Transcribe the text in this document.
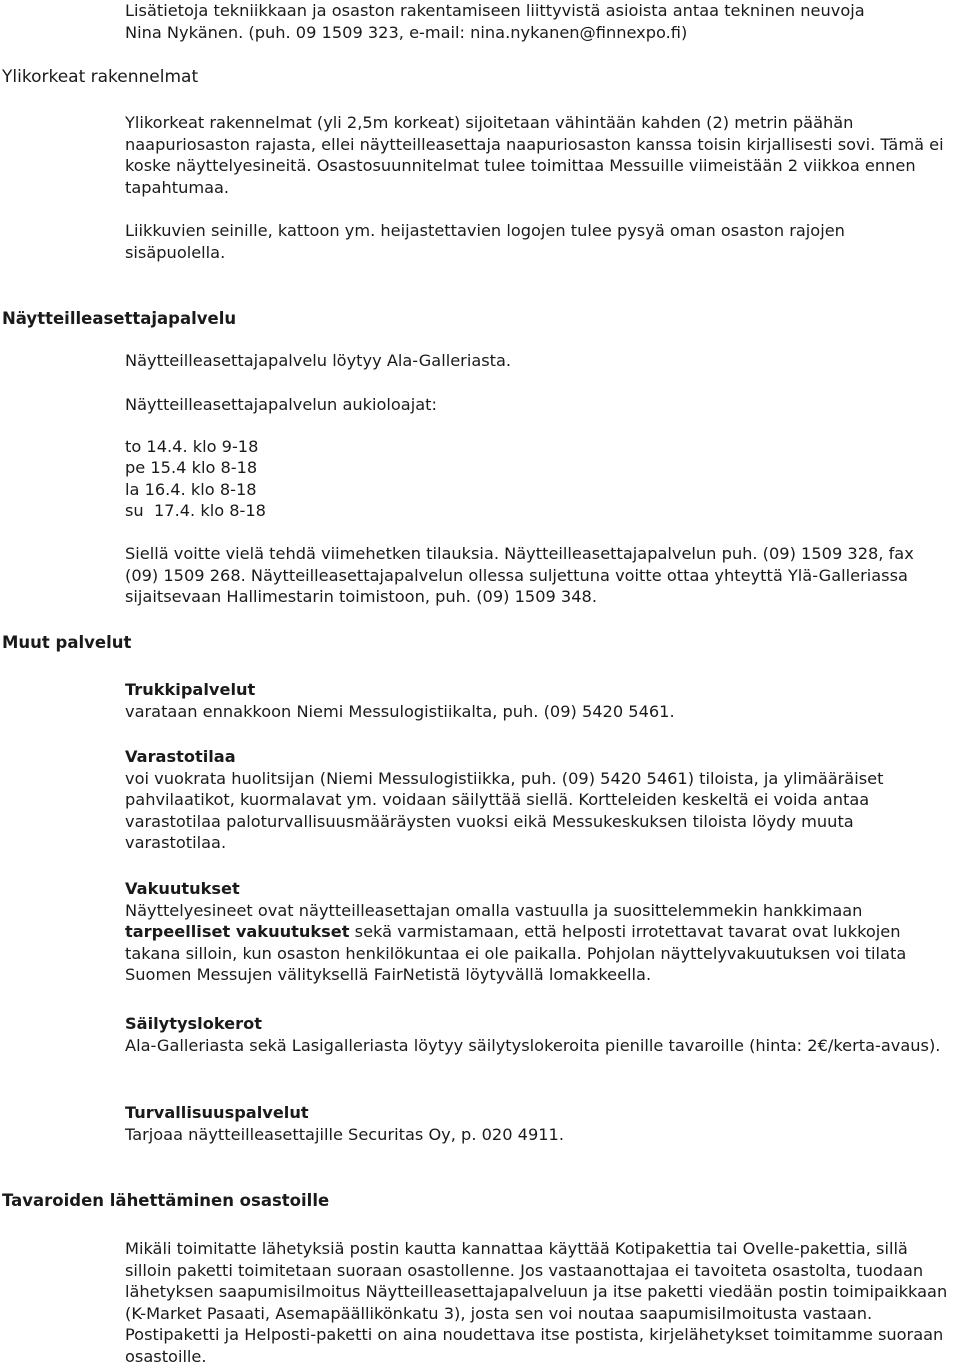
Lisätietoja tekniikkaan ja osaston rakentamiseen liittyvistä asioista antaa tekninen neuvoja
Nina Nykänen. (puh. 09 1509 323, e-mail: nina.nykanen@finnexpo.fi)

Ylikorkeat rakennelmat

Ylikorkeat rakennelmat (yli 2,5m korkeat) sijoitetaan vähintään kahden (2) metrin päähän naapuriosaston rajasta, ellei näytteilleasettaja naapuriosaston kanssa toisin kirjallisesti sovi. Tämä ei koske näyttelyesineitä. Osastosuunnitelmat tulee toimittaa Messuille viimeistään 2 viikkoa ennen tapahtumaa.

Liikkuvien seinille, kattoon ym. heijastettavien logojen tulee pysyä oman osaston rajojen sisäpuolella.

Näytteilleasettajapalvelu

Näytteilleasettajapalvelu löytyy Ala-Galleriasta.

Näytteilleasettajapalvelun aukioloajat:

to 14.4. klo 9-18
pe 15.4 klo 8-18
la 16.4. klo 8-18
su  17.4. klo 8-18

Siellä voitte vielä tehdä viimehetken tilauksia. Näytteilleasettajapalvelun puh. (09) 1509 328, fax (09) 1509 268. Näytteilleasettajapalvelun ollessa suljettuna voitte ottaa yhteyttä Ylä-Galleriassa sijaitsevaan Hallimestarin toimistoon, puh. (09) 1509 348.

Muut palvelut

Trukkipalvelut
varataan ennakkoon Niemi Messulogistiikalta, puh. (09) 5420 5461.

Varastotilaa
voi vuokrata huolitsijan (Niemi Messulogistiikka, puh. (09) 5420 5461) tiloista, ja ylimääräiset pahvilaatikot, kuormalavat ym. voidaan säilyttää siellä. Kortteleiden keskeltä ei voida antaa varastotilaa paloturvallisuusmääräysten vuoksi eikä Messukeskuksen tiloista löydy muuta varastotilaa.

Vakuutukset
Näyttelyesineet ovat näytteilleasettajan omalla vastuulla ja suosittelemmekin hankkimaan
tarpeelliset vakuutukset sekä varmistamaan, että helposti irrotettavat tavarat ovat lukkojen takana silloin, kun osaston henkilökuntaa ei ole paikalla. Pohjolan näyttelyvakuutuksen voi tilata Suomen Messujen välityksellä FairNetistä löytyvällä lomakkeella.

Säilytyslokerot
Ala-Galleriasta sekä Lasigalleriasta löytyy säilytyslokeroita pienille tavaroille (hinta: 2€/kerta-avaus).

Turvallisuuspalvelut
Tarjoaa näytteilleasettajille Securitas Oy, p. 020 4911.

Tavaroiden lähettäminen osastoille

Mikäli toimitatte lähetyksiä postin kautta kannattaa käyttää Kotipakettia tai Ovelle-pakettia, sillä silloin paketti toimitetaan suoraan osastollenne. Jos vastaanottajaa ei tavoiteta osastolta, tuodaan lähetyksen saapumisilmoitus Näytteilleasettajapalveluun ja itse paketti viedään postin toimipaikkaan (K-Market Pasaati, Asemapäällikönkatu 3), josta sen voi noutaa saapumisilmoitusta vastaan. Postipaketti ja Helposti-paketti on aina noudettava itse postista, kirjelähetykset toimitamme suoraan osastoille.
